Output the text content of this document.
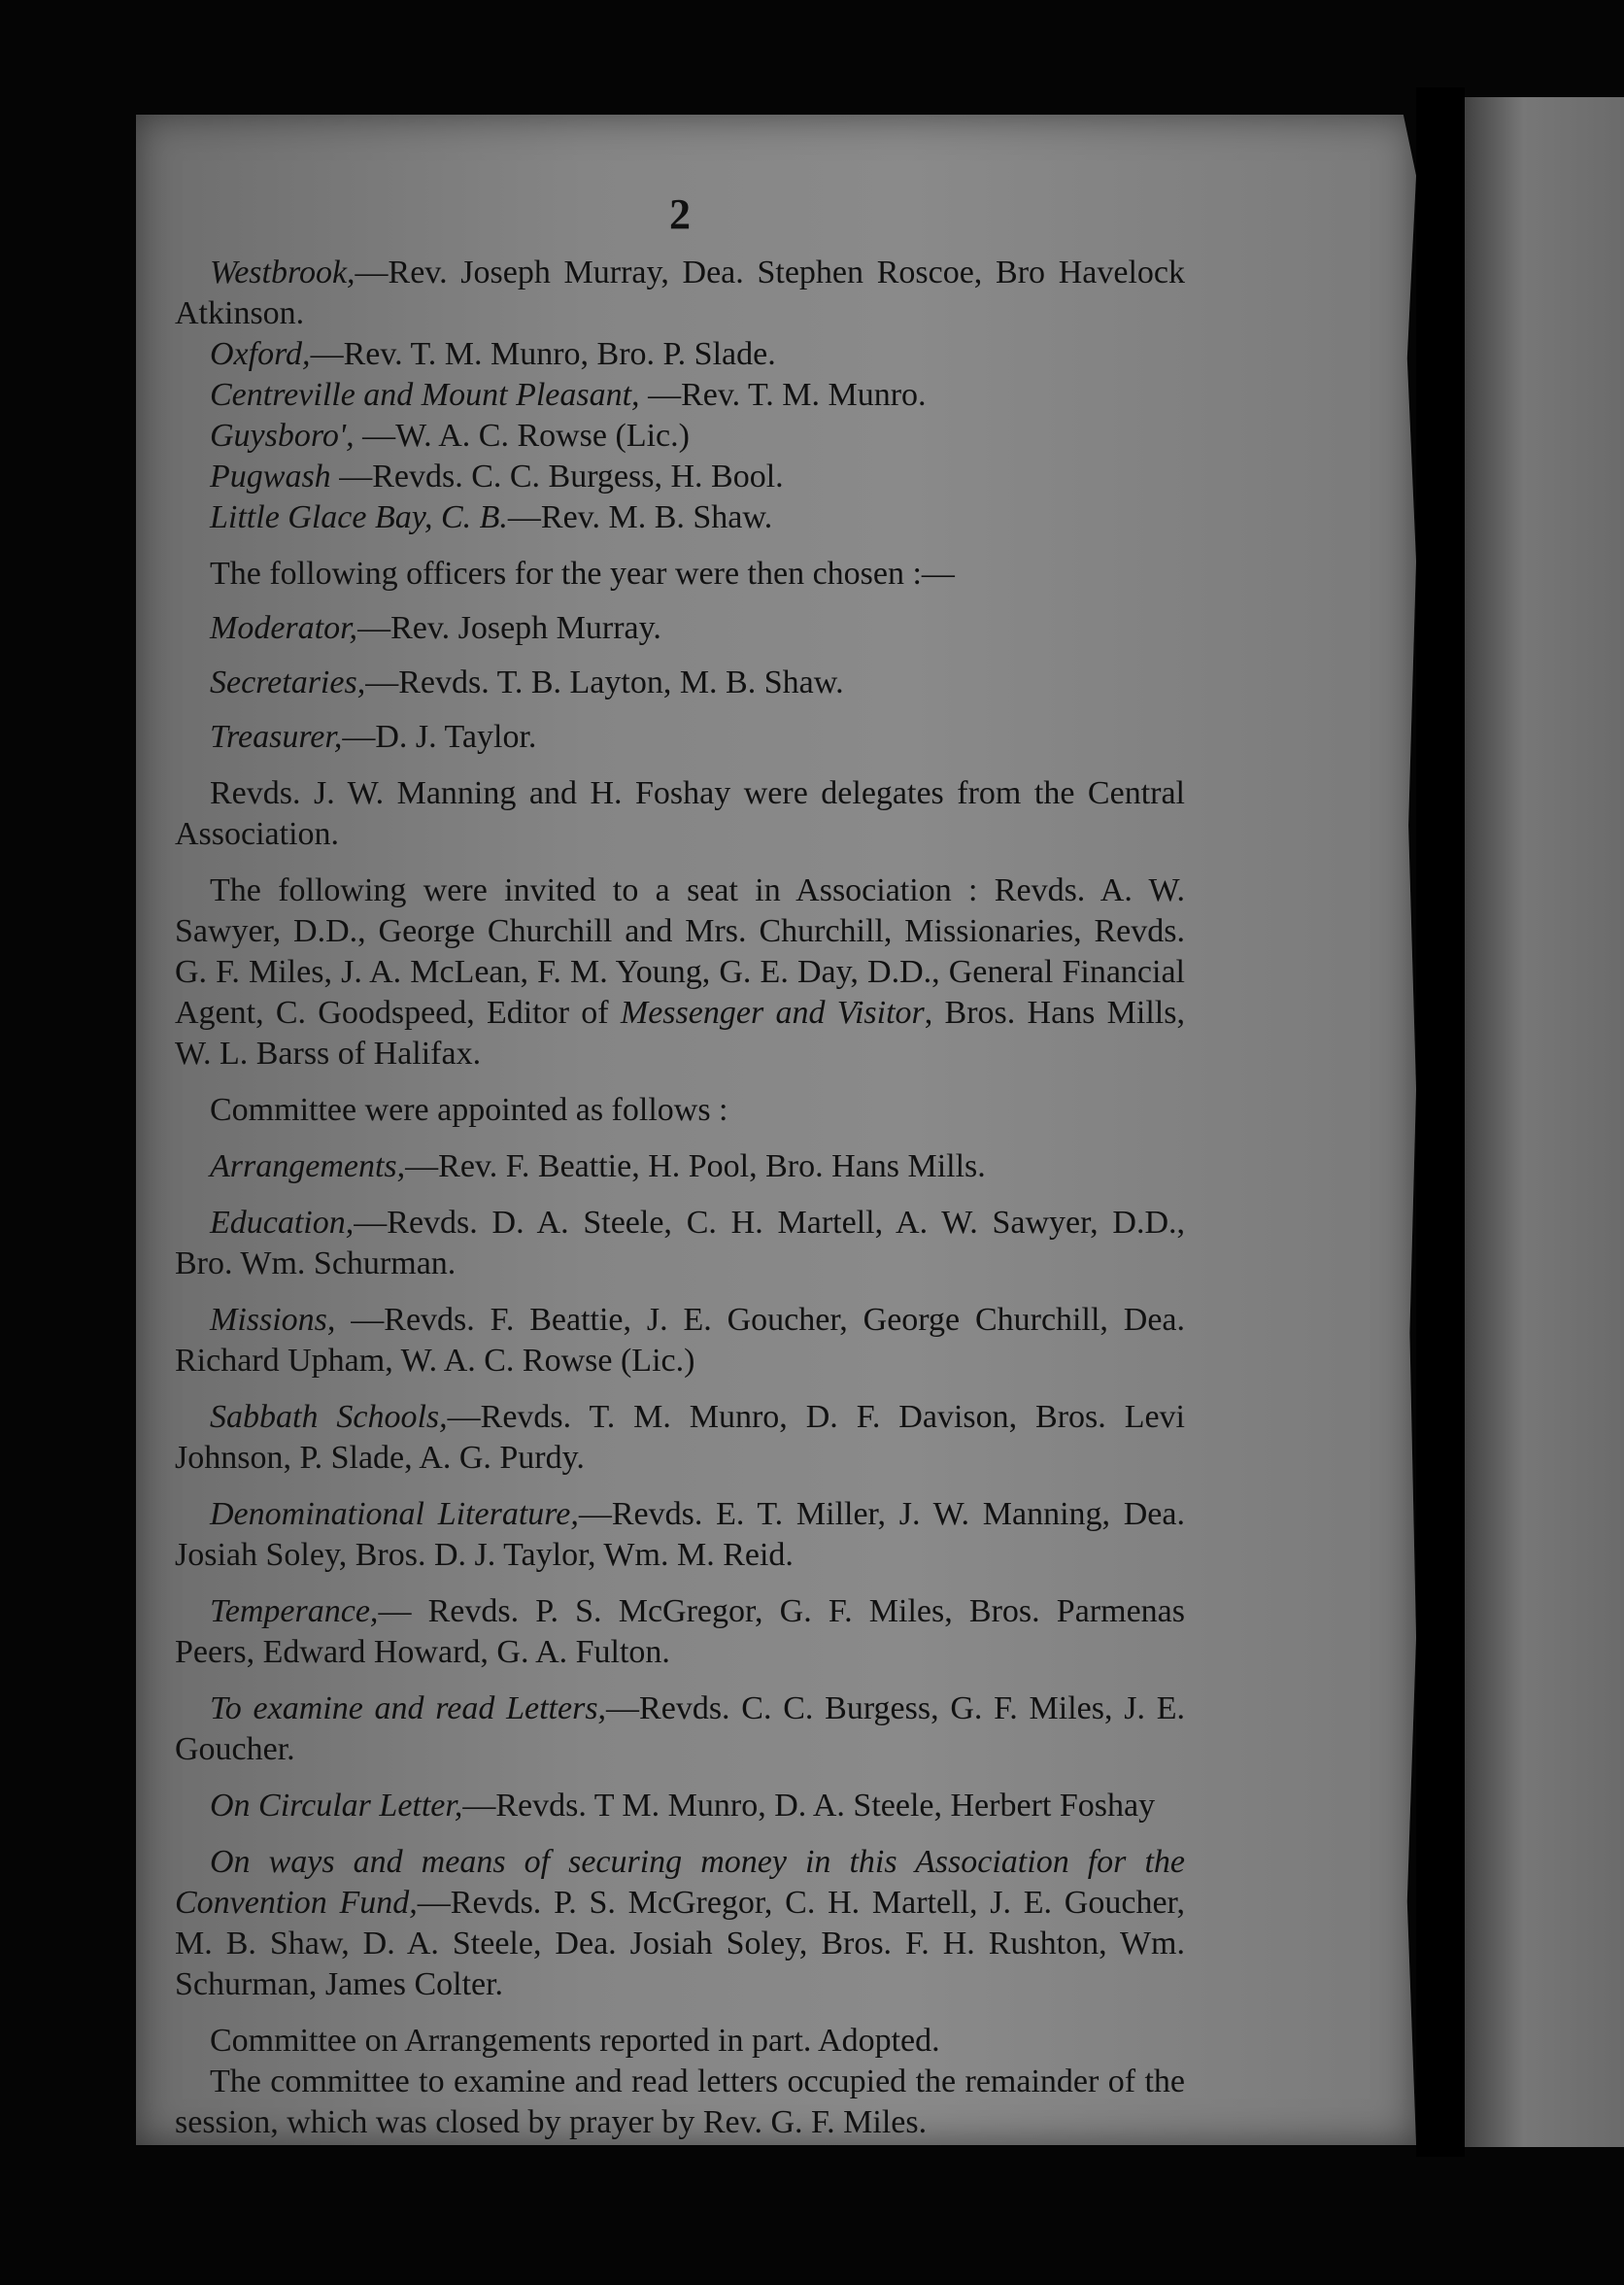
2

Westbrook,—Rev. Joseph Murray, Dea. Stephen Roscoe, Bro Havelock Atkinson.

Oxford,—Rev. T. M. Munro, Bro. P. Slade.

Centreville and Mount Pleasant, —Rev. T. M. Munro.

Guysboro', —W. A. C. Rowse (Lic.)

Pugwash —Revds. C. C. Burgess, H. Bool.

Little Glace Bay, C. B.—Rev. M. B. Shaw.

The following officers for the year were then chosen :—

Moderator,—Rev. Joseph Murray.

Secretaries,—Revds. T. B. Layton, M. B. Shaw.

Treasurer,—D. J. Taylor.

Revds. J. W. Manning and H. Foshay were delegates from the Central Association.

The following were invited to a seat in Association : Revds. A. W. Sawyer, D.D., George Churchill and Mrs. Churchill, Missionaries, Revds. G. F. Miles, J. A. McLean, F. M. Young, G. E. Day, D.D., General Financial Agent, C. Goodspeed, Editor of Messenger and Visitor, Bros. Hans Mills, W. L. Barss of Halifax.

Committee were appointed as follows :

Arrangements,—Rev. F. Beattie, H. Pool, Bro. Hans Mills.

Education,—Revds. D. A. Steele, C. H. Martell, A. W. Sawyer, D.D., Bro. Wm. Schurman.

Missions, —Revds. F. Beattie, J. E. Goucher, George Churchill, Dea. Richard Upham, W. A. C. Rowse (Lic.)

Sabbath Schools,—Revds. T. M. Munro, D. F. Davison, Bros. Levi Johnson, P. Slade, A. G. Purdy.

Denominational Literature,—Revds. E. T. Miller, J. W. Manning, Dea. Josiah Soley, Bros. D. J. Taylor, Wm. M. Reid.

Temperance,— Revds. P. S. McGregor, G. F. Miles, Bros. Parmenas Peers, Edward Howard, G. A. Fulton.

To examine and read Letters,—Revds. C. C. Burgess, G. F. Miles, J. E. Goucher.

On Circular Letter,—Revds. T M. Munro, D. A. Steele, Herbert Foshay

On ways and means of securing money in this Association for the Convention Fund,—Revds. P. S. McGregor, C. H. Martell, J. E. Goucher, M. B. Shaw, D. A. Steele, Dea. Josiah Soley, Bros. F. H. Rushton, Wm. Schurman, James Colter.

Committee on Arrangements reported in part. Adopted.

The committee to examine and read letters occupied the remainder of the session, which was closed by prayer by Rev. G. F. Miles.
